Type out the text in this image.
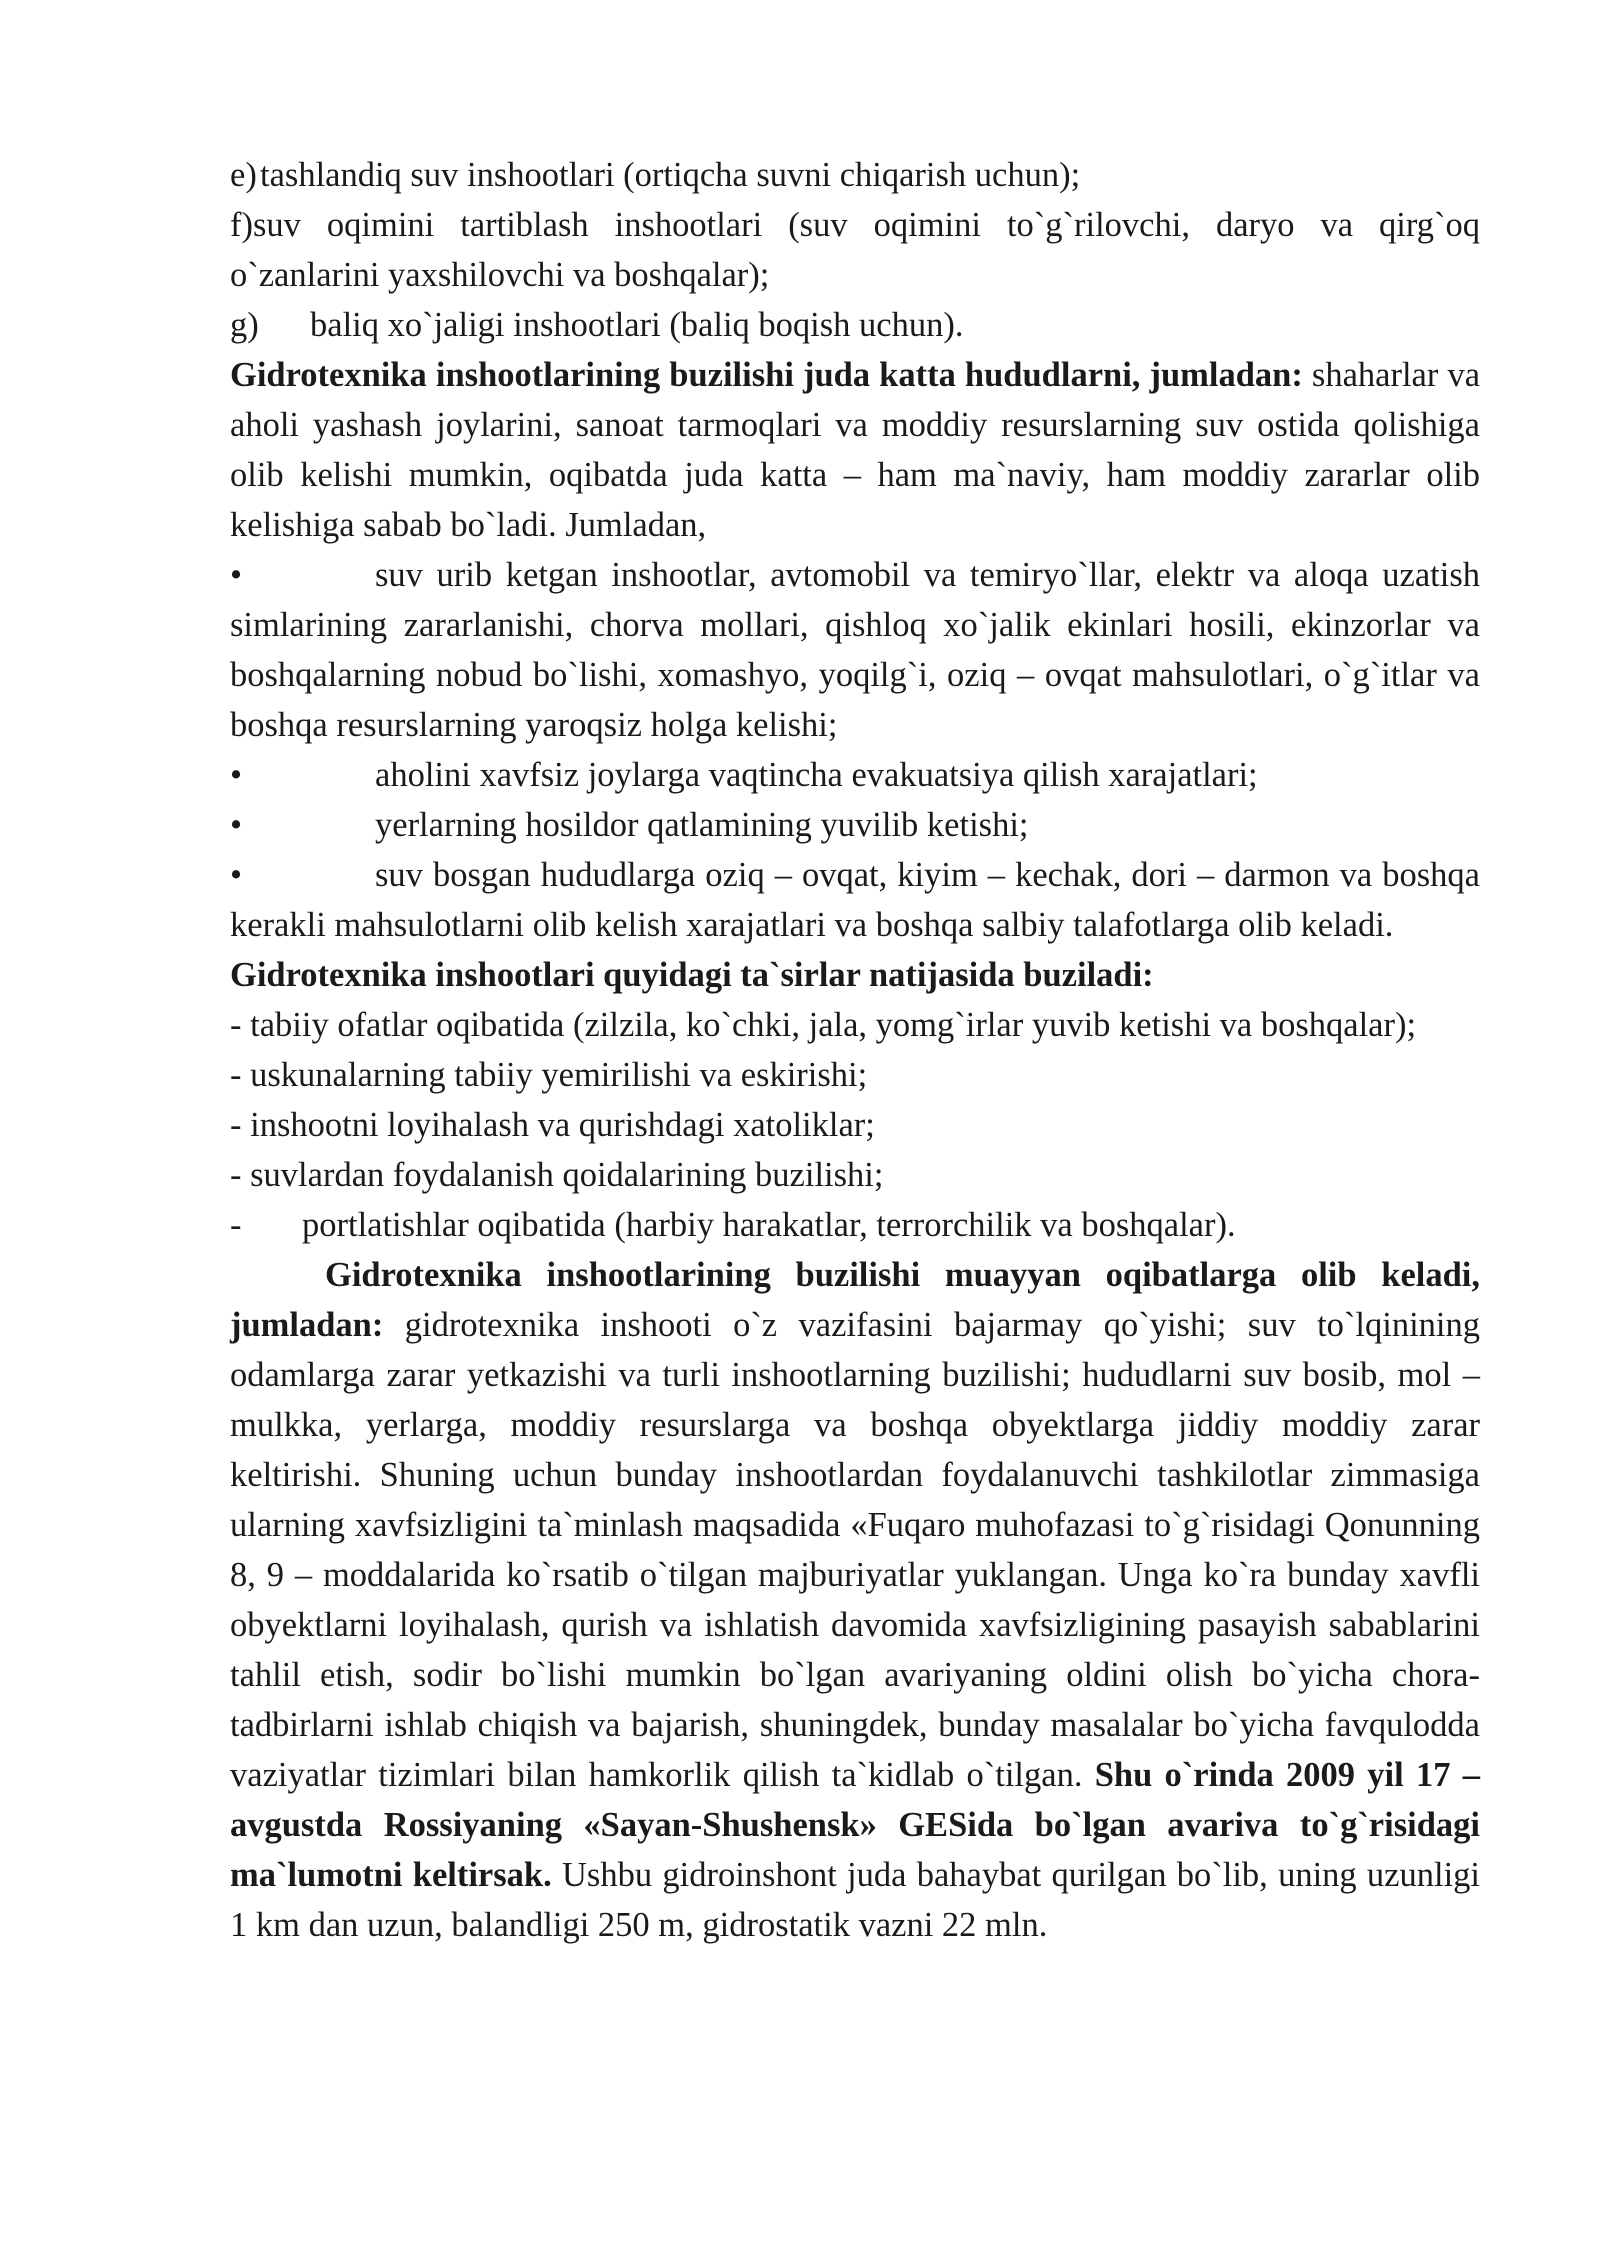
e) tashlandiq suv inshootlari (ortiqcha suvni chiqarish uchun);

f)suv oqimini tartiblash inshootlari (suv oqimini to`g`rilovchi, daryo va qirg`oq o`zanlarini yaxshilovchi va boshqalar);

g)	baliq xo`jaligi inshootlari (baliq boqish uchun).

Gidrotexnika inshootlarining buzilishi juda katta hududlarni, jumladan: shaharlar va aholi yashash joylarini, sanoat tarmoqlari va moddiy resurslarning suv ostida qolishiga olib kelishi mumkin, oqibatda juda katta – ham ma`naviy, ham moddiy zararlar olib kelishiga sabab bo`ladi. Jumladan,

•	suv urib ketgan inshootlar, avtomobil va temiryo`llar, elektr va aloqa uzatish simlarining zararlanishi, chorva mollari, qishloq xo`jalik ekinlari hosili, ekinzorlar va boshqalarning nobud bo`lishi, xomashyo, yoqilg`i, oziq – ovqat mahsulotlari, o`g`itlar va boshqa resurslarning yaroqsiz holga kelishi;

•	aholini xavfsiz joylarga vaqtincha evakuatsiya qilish xarajatlari;

•	yerlarning hosildor qatlamining yuvilib ketishi;

•	suv bosgan hududlarga oziq – ovqat, kiyim – kechak, dori – darmon va boshqa kerakli mahsulotlarni olib kelish xarajatlari va boshqa salbiy talafotlarga olib keladi.

Gidrotexnika inshootlari quyidagi ta`sirlar natijasida buziladi:

- tabiiy ofatlar oqibatida (zilzila, ko`chki, jala, yomg`irlar yuvib ketishi va boshqalar);

- uskunalarning tabiiy yemirilishi va eskirishi;

- inshootni loyihalash va qurishdagi xatoliklar;

- suvlardan foydalanish qoidalarining buzilishi;

- portlatishlar oqibatida (harbiy harakatlar, terrorchilik va boshqalar).

Gidrotexnika inshootlarining buzilishi muayyan oqibatlarga olib keladi, jumladan: gidrotexnika inshooti o`z vazifasini bajarmay qo`yishi; suv to`lqinining odamlarga zarar yetkazishi va turli inshootlarning buzilishi; hududlarni suv bosib, mol – mulkka, yerlarga, moddiy resurslarga va boshqa obyektlarga jiddiy moddiy zarar keltirishi. Shuning uchun bunday inshootlardan foydalanuvchi tashkilotlar zimmasiga ularning xavfsizligini ta`minlash maqsadida «Fuqaro muhofazasi to`g`risidagi Qonunning 8, 9 – moddalarida ko`rsatib o`tilgan majburiyatlar yuklangan. Unga ko`ra bunday xavfli obyektlarni loyihalash, qurish va ishlatish davomida xavfsizligining pasayish sabablarini tahlil etish, sodir bo`lishi mumkin bo`lgan avariyaning oldini olish bo`yicha chora-tadbirlarni ishlab chiqish va bajarish, shuningdek, bunday masalalar bo`yicha favqulodda vaziyatlar tizimlari bilan hamkorlik qilish ta`kidlab o`tilgan. Shu o`rinda 2009 yil 17 – avgustda Rossiyaning «Sayan-Shushensk» GESida bo`lgan avariva to`g`risidagi ma`lumotni keltirsak. Ushbu gidroinshont juda bahaybat qurilgan bo`lib, uning uzunligi 1 km dan uzun, balandligi 250 m, gidrostatik vazni 22 mln.
